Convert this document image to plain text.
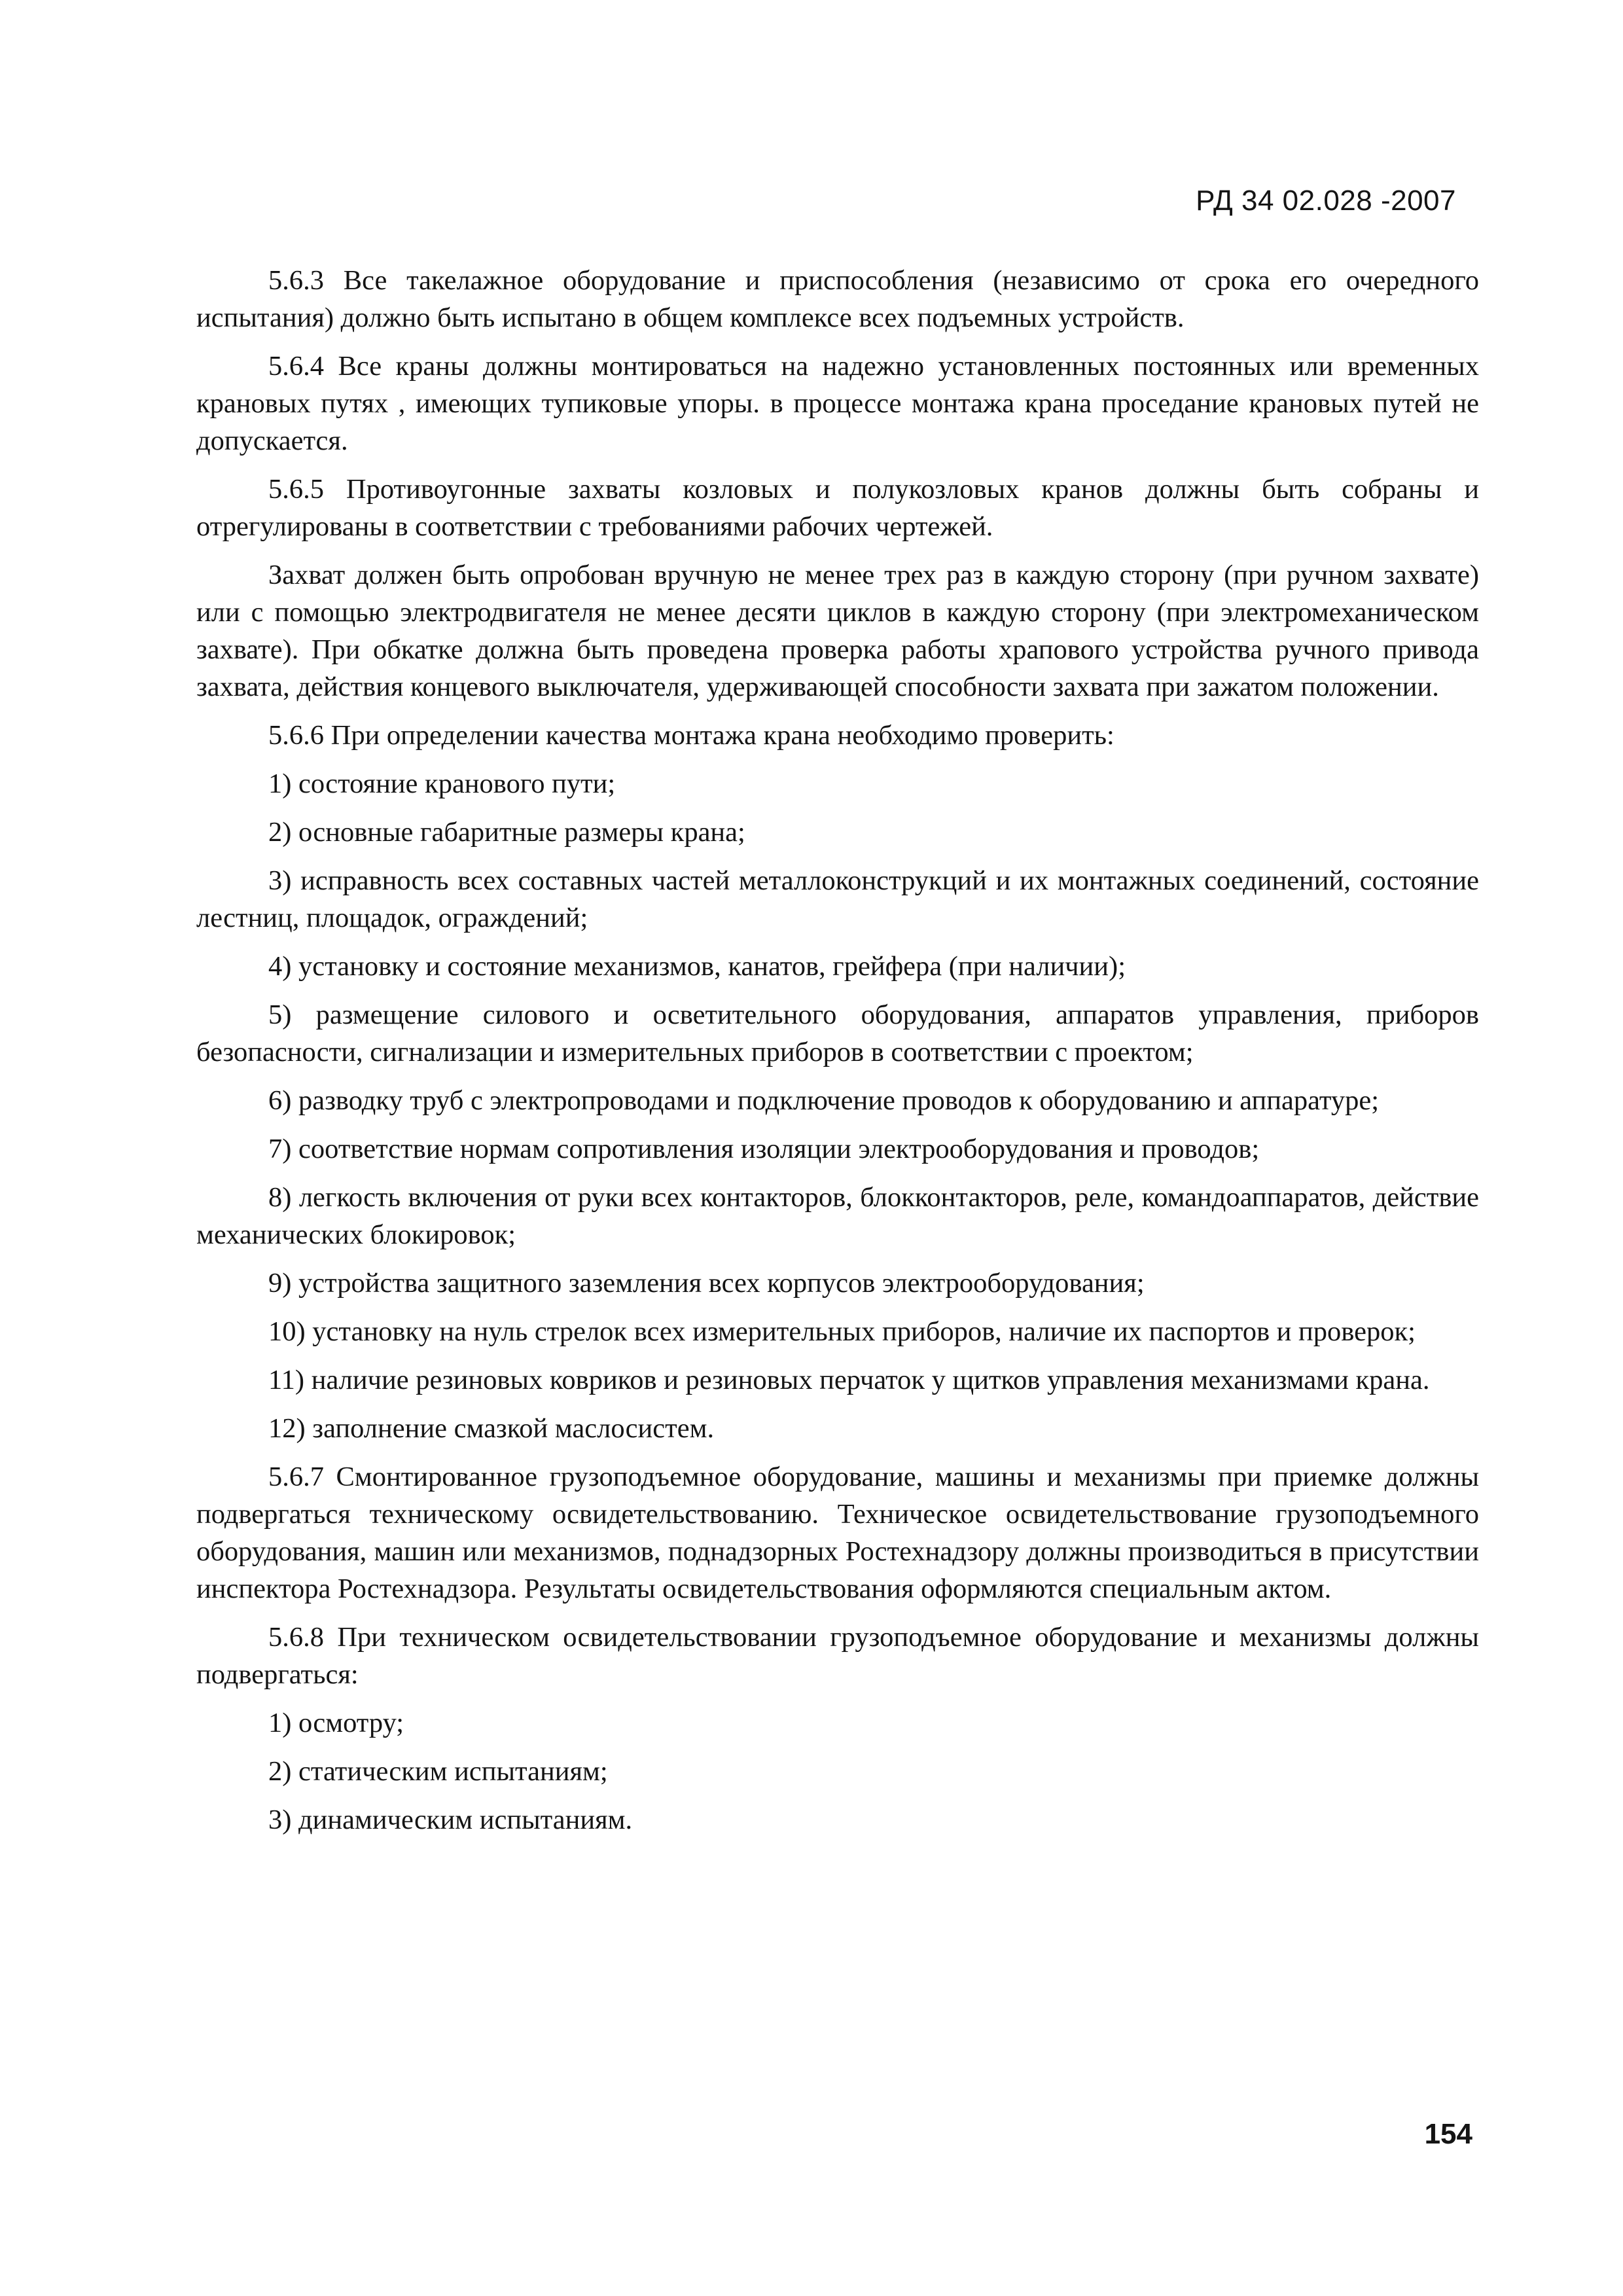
РД 34 02.028 -2007

5.6.3 Все такелажное оборудование и приспособления (независимо от срока его очередного испытания) должно быть испытано в общем комплексе всех подъемных устройств.

5.6.4 Все краны должны монтироваться на надежно установленных постоянных или временных крановых путях , имеющих тупиковые упоры. в процессе монтажа крана проседание крановых путей не допускается.

5.6.5 Противоугонные захваты козловых и полукозловых кранов должны быть собраны и отрегулированы в соответствии с требованиями рабочих чертежей.

Захват должен быть опробован вручную не менее трех раз в каждую сторону (при ручном захвате) или с помощью электродвигателя не менее десяти циклов в каждую сторону (при электромеханическом захвате). При обкатке должна быть проведена проверка работы храпового устройства ручного привода захвата, действия концевого выключателя, удерживающей способности захвата при зажатом положении.

5.6.6 При определении качества монтажа крана необходимо проверить:

1) состояние кранового пути;

2) основные габаритные размеры крана;

3) исправность всех составных частей металлоконструкций и их монтажных соединений, состояние лестниц, площадок, ограждений;

4) установку и состояние механизмов, канатов, грейфера (при наличии);

5) размещение силового и осветительного оборудования, аппаратов управления, приборов безопасности, сигнализации и измерительных приборов в соответствии с проектом;

6) разводку труб с электропроводами и подключение проводов к оборудованию и аппаратуре;

7) соответствие нормам сопротивления изоляции электрооборудования и проводов;

8) легкость включения от руки всех контакторов, блокконтакторов, реле, командоаппаратов, действие механических блокировок;

9) устройства защитного заземления всех корпусов электрооборудования;

10) установку на нуль стрелок всех измерительных приборов, наличие их паспортов и проверок;

11) наличие резиновых ковриков и резиновых перчаток у щитков управления механизмами крана.

12) заполнение смазкой маслосистем.

5.6.7 Смонтированное грузоподъемное оборудование, машины и механизмы при приемке должны подвергаться техническому освидетельствованию. Техническое освидетельствование грузоподъемного оборудования, машин или механизмов, поднадзорных Ростехнадзору должны производиться в присутствии инспектора Ростехнадзора. Результаты освидетельствования оформляются специальным актом.

5.6.8 При техническом освидетельствовании грузоподъемное оборудование и механизмы должны подвергаться:

1) осмотру;

2) статическим испытаниям;

3) динамическим испытаниям.

154
